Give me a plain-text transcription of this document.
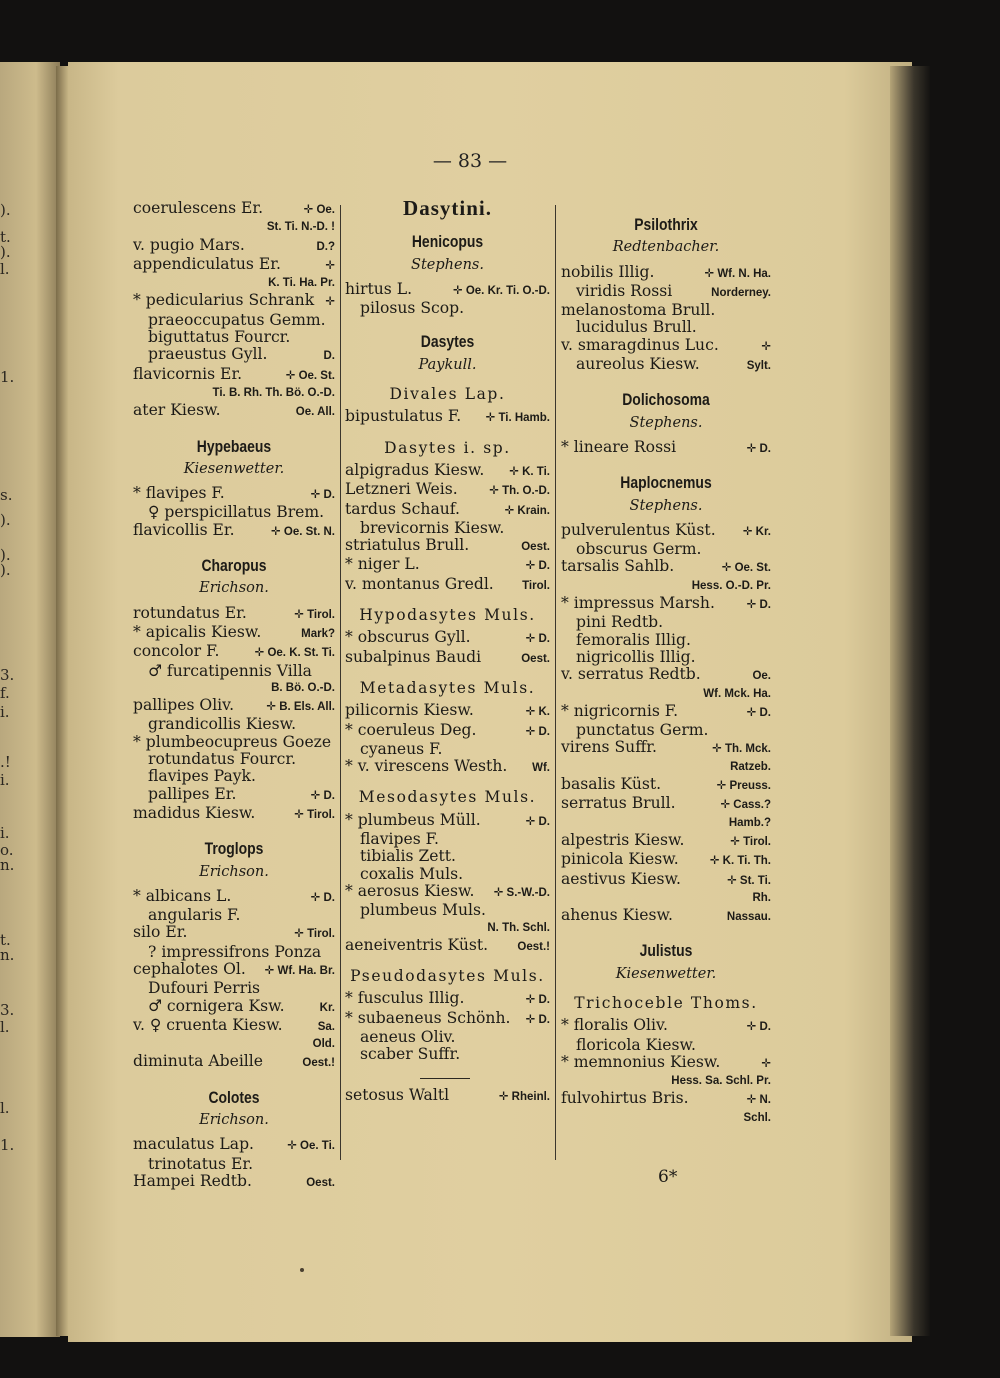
).
t.
).
l.
1.
s.
).
).
).
3.
f.
i.
.!
i.
i.
o.
n.
t.
n.
3.
l.
l.
1.
— 83 —
coerulescens Er.	✛ Oe.
St. Ti. N.-D. !
v. pugio Mars.	D.?
appendiculatus Er.	✛
K. Ti. Ha. Pr.
* pedicularius Schrank ✛
praeoccupatus Gemm.
biguttatus Fourcr.
praeustus Gyll.	D.
flavicornis Er.	✛ Oe. St.
Ti. B. Rh. Th. Bö. O.-D.
ater Kiesw.	Oe. All.
Hypebaeus
Kiesenwetter.
* flavipes F.	✛ D.
♀ perspicillatus Brem.
flavicollis Er.	✛ Oe. St. N.
Charopus
Erichson.
rotundatus Er.	✛ Tirol.
* apicalis Kiesw.	Mark?
concolor F.	✛ Oe. K. St. Ti.
♂ furcatipennis Villa
B. Bö. O.-D.
pallipes Oliv.	✛ B. Els. All.
grandicollis Kiesw.
* plumbeocupreus Goeze
rotundatus Fourcr.
flavipes Payk.
pallipes Er.	✛ D.
madidus Kiesw.	✛ Tirol.
Troglops
Erichson.
* albicans L.	✛ D.
angularis F.
silo Er.	✛ Tirol.
? impressifrons Ponza
cephalotes Ol. ✛ Wf. Ha. Br.
Dufouri Perris
♂ cornigera Ksw.	Kr.
v. ♀ cruenta Kiesw.	Sa.
Old.
diminuta Abeille	Oest.!
Colotes
Erichson.
maculatus Lap.	✛ Oe. Ti.
trinotatus Er.
Hampei Redtb.	Oest.
Dasytini.
Henicopus
Stephens.
hirtus L.	✛ Oe. Kr. Ti. O.-D.
pilosus Scop.
Dasytes
Paykull.
Divales Lap.
bipustulatus F. ✛ Ti. Hamb.
Dasytes i. sp.
alpigradus Kiesw. ✛ K. Ti.
Letzneri Weis.	✛ Th. O.-D.
tardus Schauf.	✛ Krain.
brevicornis Kiesw.
striatulus Brull.	Oest.
* niger L.	✛ D.
v. montanus Gredl. Tirol.
Hypodasytes Muls.
* obscurus Gyll.	✛ D.
subalpinus Baudi	Oest.
Metadasytes Muls.
pilicornis Kiesw.	✛ K.
* coeruleus Deg.	✛ D.
cyaneus F.
* v. virescens Westh. Wf.
Mesodasytes Muls.
* plumbeus Müll.	✛ D.
flavipes F.
tibialis Zett.
coxalis Muls.
* aerosus Kiesw. ✛ S.-W.-D.
plumbeus Muls.
N. Th. Schl.
aeneiventris Küst.	Oest.!
Pseudodasytes Muls.
* fusculus Illig.	✛ D.
* subaeneus Schönh. ✛ D.
aeneus Oliv.
scaber Suffr.
setosus Waltl	✛ Rheinl.
Psilothrix
Redtenbacher.
nobilis Illig.	✛ Wf. N. Ha.
viridis Rossi	Norderney.
melanostoma Brull.
lucidulus Brull.
v. smaragdinus Luc.	✛
aureolus Kiesw.	Sylt.
Dolichosoma
Stephens.
* lineare Rossi	✛ D.
Haplocnemus
Stephens.
pulverulentus Küst. ✛ Kr.
obscurus Germ.
tarsalis Sahlb.	✛ Oe. St.
Hess. O.-D. Pr.
* impressus Marsh.	✛ D.
pini Redtb.
femoralis Illig.
nigricollis Illig.
v. serratus Redtb.	Oe.
Wf. Mck. Ha.
* nigricornis F.	✛ D.
punctatus Germ.
virens Suffr.	✛ Th. Mck.
Ratzeb.
basalis Küst.	✛ Preuss.
serratus Brull.	✛ Cass.?
Hamb.?
alpestris Kiesw.	✛ Tirol.
pinicola Kiesw.	✛ K. Ti. Th.
aestivus Kiesw.	✛ St. Ti.
Rh.
ahenus Kiesw.	Nassau.
Julistus
Kiesenwetter.
Trichoceble Thoms.
* floralis Oliv.	✛ D.
floricola Kiesw.
* memnonius Kiesw.	✛
Hess. Sa. Schl. Pr.
fulvohirtus Bris.	✛ N.
Schl.
6*
